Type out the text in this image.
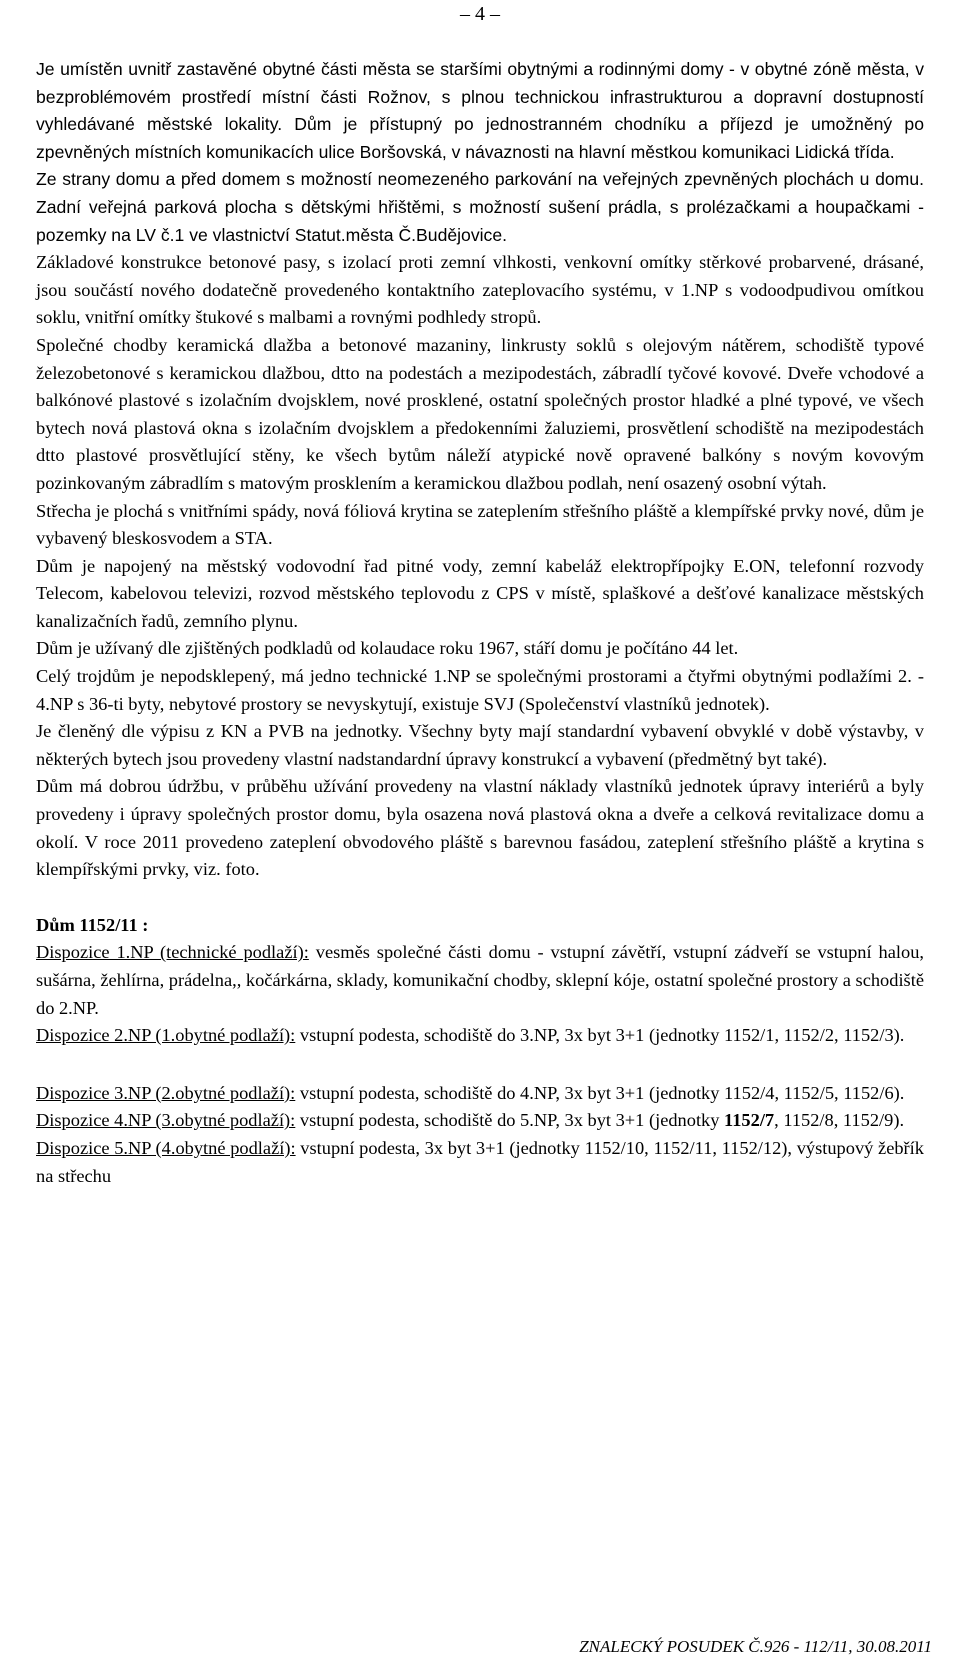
– 4 –

Je umístěn uvnitř zastavěné obytné části města se staršími obytnými a rodinnými domy - v obytné zóně města, v bezproblémovém prostředí místní části Rožnov, s plnou technickou infrastrukturou a dopravní dostupností vyhledávané městské lokality. Dům je přístupný po jednostranném chodníku a příjezd je umožněný po zpevněných místních komunikacích ulice Boršovská, v návaznosti na hlavní městkou komunikaci Lidická třída.

Ze strany domu a před domem s možností neomezeného parkování na veřejných zpevněných plochách u domu. Zadní veřejná parková plocha s dětskými hřištěmi, s možností sušení prádla, s prolézačkami a houpačkami - pozemky na LV č.1 ve vlastnictví Statut.města Č.Budějovice.

Základové konstrukce betonové pasy, s izolací proti zemní vlhkosti, venkovní omítky stěrkové probarvené, drásané, jsou součástí nového dodatečně provedeného kontaktního zateplovacího systému, v 1.NP s vodoodpudivou omítkou soklu, vnitřní omítky štukové s malbami a rovnými podhledy stropů.

Společné chodby keramická dlažba a betonové mazaniny, linkrusty soklů s olejovým nátěrem, schodiště typové železobetonové s keramickou dlažbou, dtto na podestách a mezipodestách, zábradlí tyčové kovové. Dveře vchodové a balkónové plastové s izolačním dvojsklem, nové prosklené, ostatní společných prostor hladké a plné typové, ve všech bytech nová plastová okna s izolačním dvojsklem a předokenními žaluziemi, prosvětlení schodiště na mezipodestách dtto plastové prosvětlující stěny, ke všech bytům náleží atypické nově opravené balkóny s novým kovovým pozinkovaným zábradlím s matovým prosklením a keramickou dlažbou podlah, není osazený osobní výtah.

Střecha je plochá s vnitřními spády, nová fóliová krytina se zateplením střešního pláště a klempířské prvky nové, dům je vybavený bleskosvodem a STA.

Dům je napojený na městský vodovodní řad pitné vody, zemní kabeláž elektropřípojky E.ON, telefonní rozvody Telecom, kabelovou televizi, rozvod městského teplovodu z CPS v místě, splaškové a dešťové kanalizace městských kanalizačních řadů, zemního plynu.

Dům je užívaný dle zjištěných podkladů od kolaudace roku 1967, stáří domu je počítáno 44 let.

Celý trojdům je nepodsklepený, má jedno technické 1.NP se společnými prostorami a čtyřmi obytnými podlažími 2. - 4.NP s 36-ti byty, nebytové prostory se nevyskytují, existuje SVJ (Společenství vlastníků jednotek).

Je členěný dle výpisu z KN a PVB na jednotky. Všechny byty mají standardní vybavení obvyklé v době výstavby, v některých bytech jsou provedeny vlastní nadstandardní úpravy konstrukcí a vybavení (předmětný byt také).

Dům má dobrou údržbu, v průběhu užívání provedeny na vlastní náklady vlastníků jednotek úpravy interiérů a byly provedeny i úpravy společných prostor domu, byla osazena nová plastová okna a dveře a celková revitalizace domu a okolí. V roce 2011 provedeno zateplení obvodového pláště s barevnou fasádou, zateplení střešního pláště a krytina s klempířskými prvky, viz. foto.

Dům 1152/11 :

Dispozice 1.NP (technické podlaží): vesměs společné části domu - vstupní závětří, vstupní zádveří se vstupní halou, sušárna, žehlírna, prádelna,, kočárkárna, sklady, komunikační chodby, sklepní kóje, ostatní společné prostory a schodiště do 2.NP.

Dispozice 2.NP (1.obytné podlaží): vstupní podesta, schodiště do 3.NP, 3x byt 3+1 (jednotky 1152/1, 1152/2, 1152/3).

Dispozice 3.NP (2.obytné podlaží): vstupní podesta, schodiště do 4.NP, 3x byt 3+1 (jednotky 1152/4, 1152/5, 1152/6).

Dispozice 4.NP (3.obytné podlaží): vstupní podesta, schodiště do 5.NP, 3x byt 3+1 (jednotky 1152/7, 1152/8, 1152/9).

Dispozice 5.NP (4.obytné podlaží): vstupní podesta, 3x byt 3+1 (jednotky 1152/10, 1152/11, 1152/12), výstupový žebřík na střechu

ZNALECKÝ POSUDEK Č.926 - 112/11, 30.08.2011
